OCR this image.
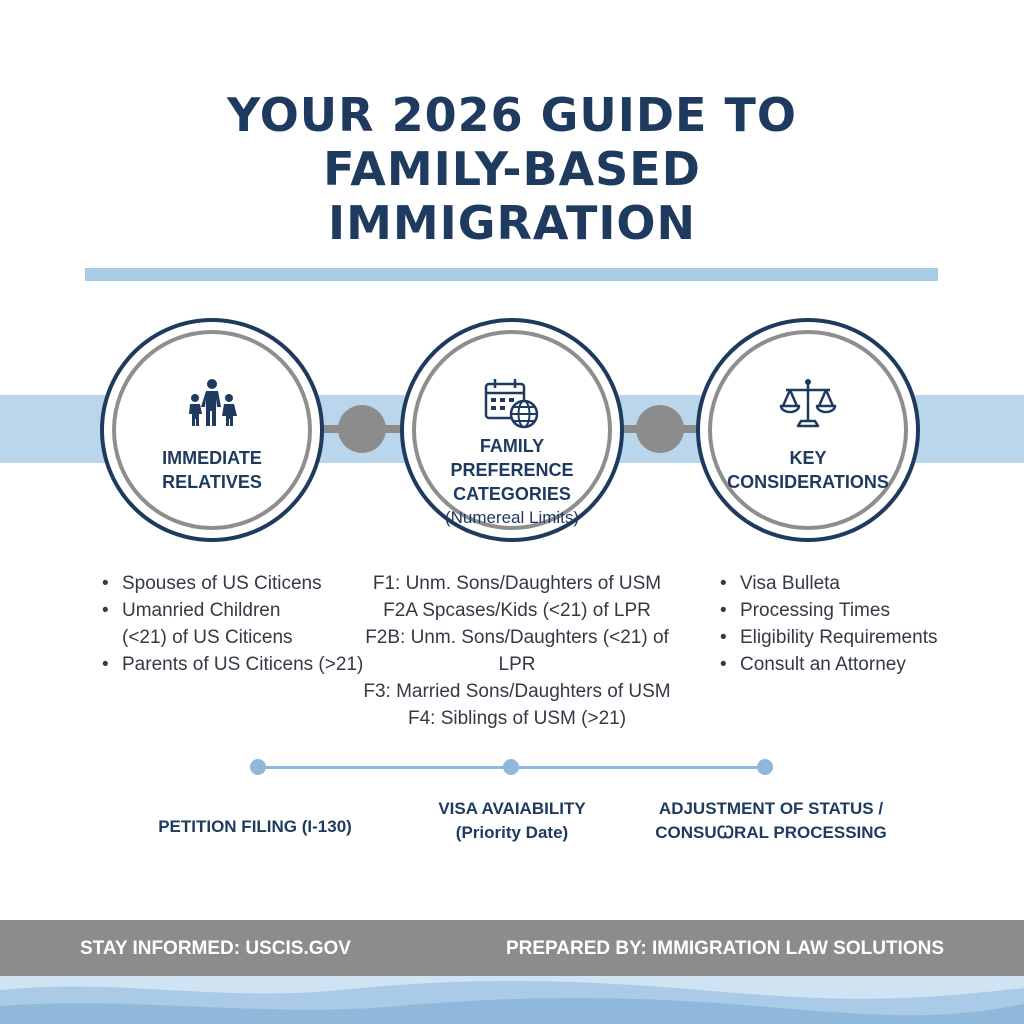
YOUR 2026 GUIDE TO
FAMILY-BASED
IMMIGRATION
IMMEDIATE
RELATIVES
FAMILY PREFERENCE
CATEGORIES
(Numereal Limits)
KEY
CONSIDERATIONS
• Spouses of US Citicens
• Umanried Children
(<21) of US Citicens
• Parents of US Citicens (>21)
F1: Unm. Sons/Daughters of USM
F2A Spcases/Kids (<21) of LPR
F2B: Unm. Sons/Daughters (<21) of LPR
F3: Married Sons/Daughters of USM
F4: Siblings of USM (>21)
• Visa Bulleta
• Processing Times
• Eligibility Requirements
• Consult an Attorney
PETITION FILING (I-130)
VISA AVAIABILITY
(Priority Date)
ADJUSTMENT OF STATUS /
CONSUꞶRAL PROCESSING
STAY INFORMED: USCIS.GOV	PREPARED BY: IMMIGRATION LAW SOLUTIONS
